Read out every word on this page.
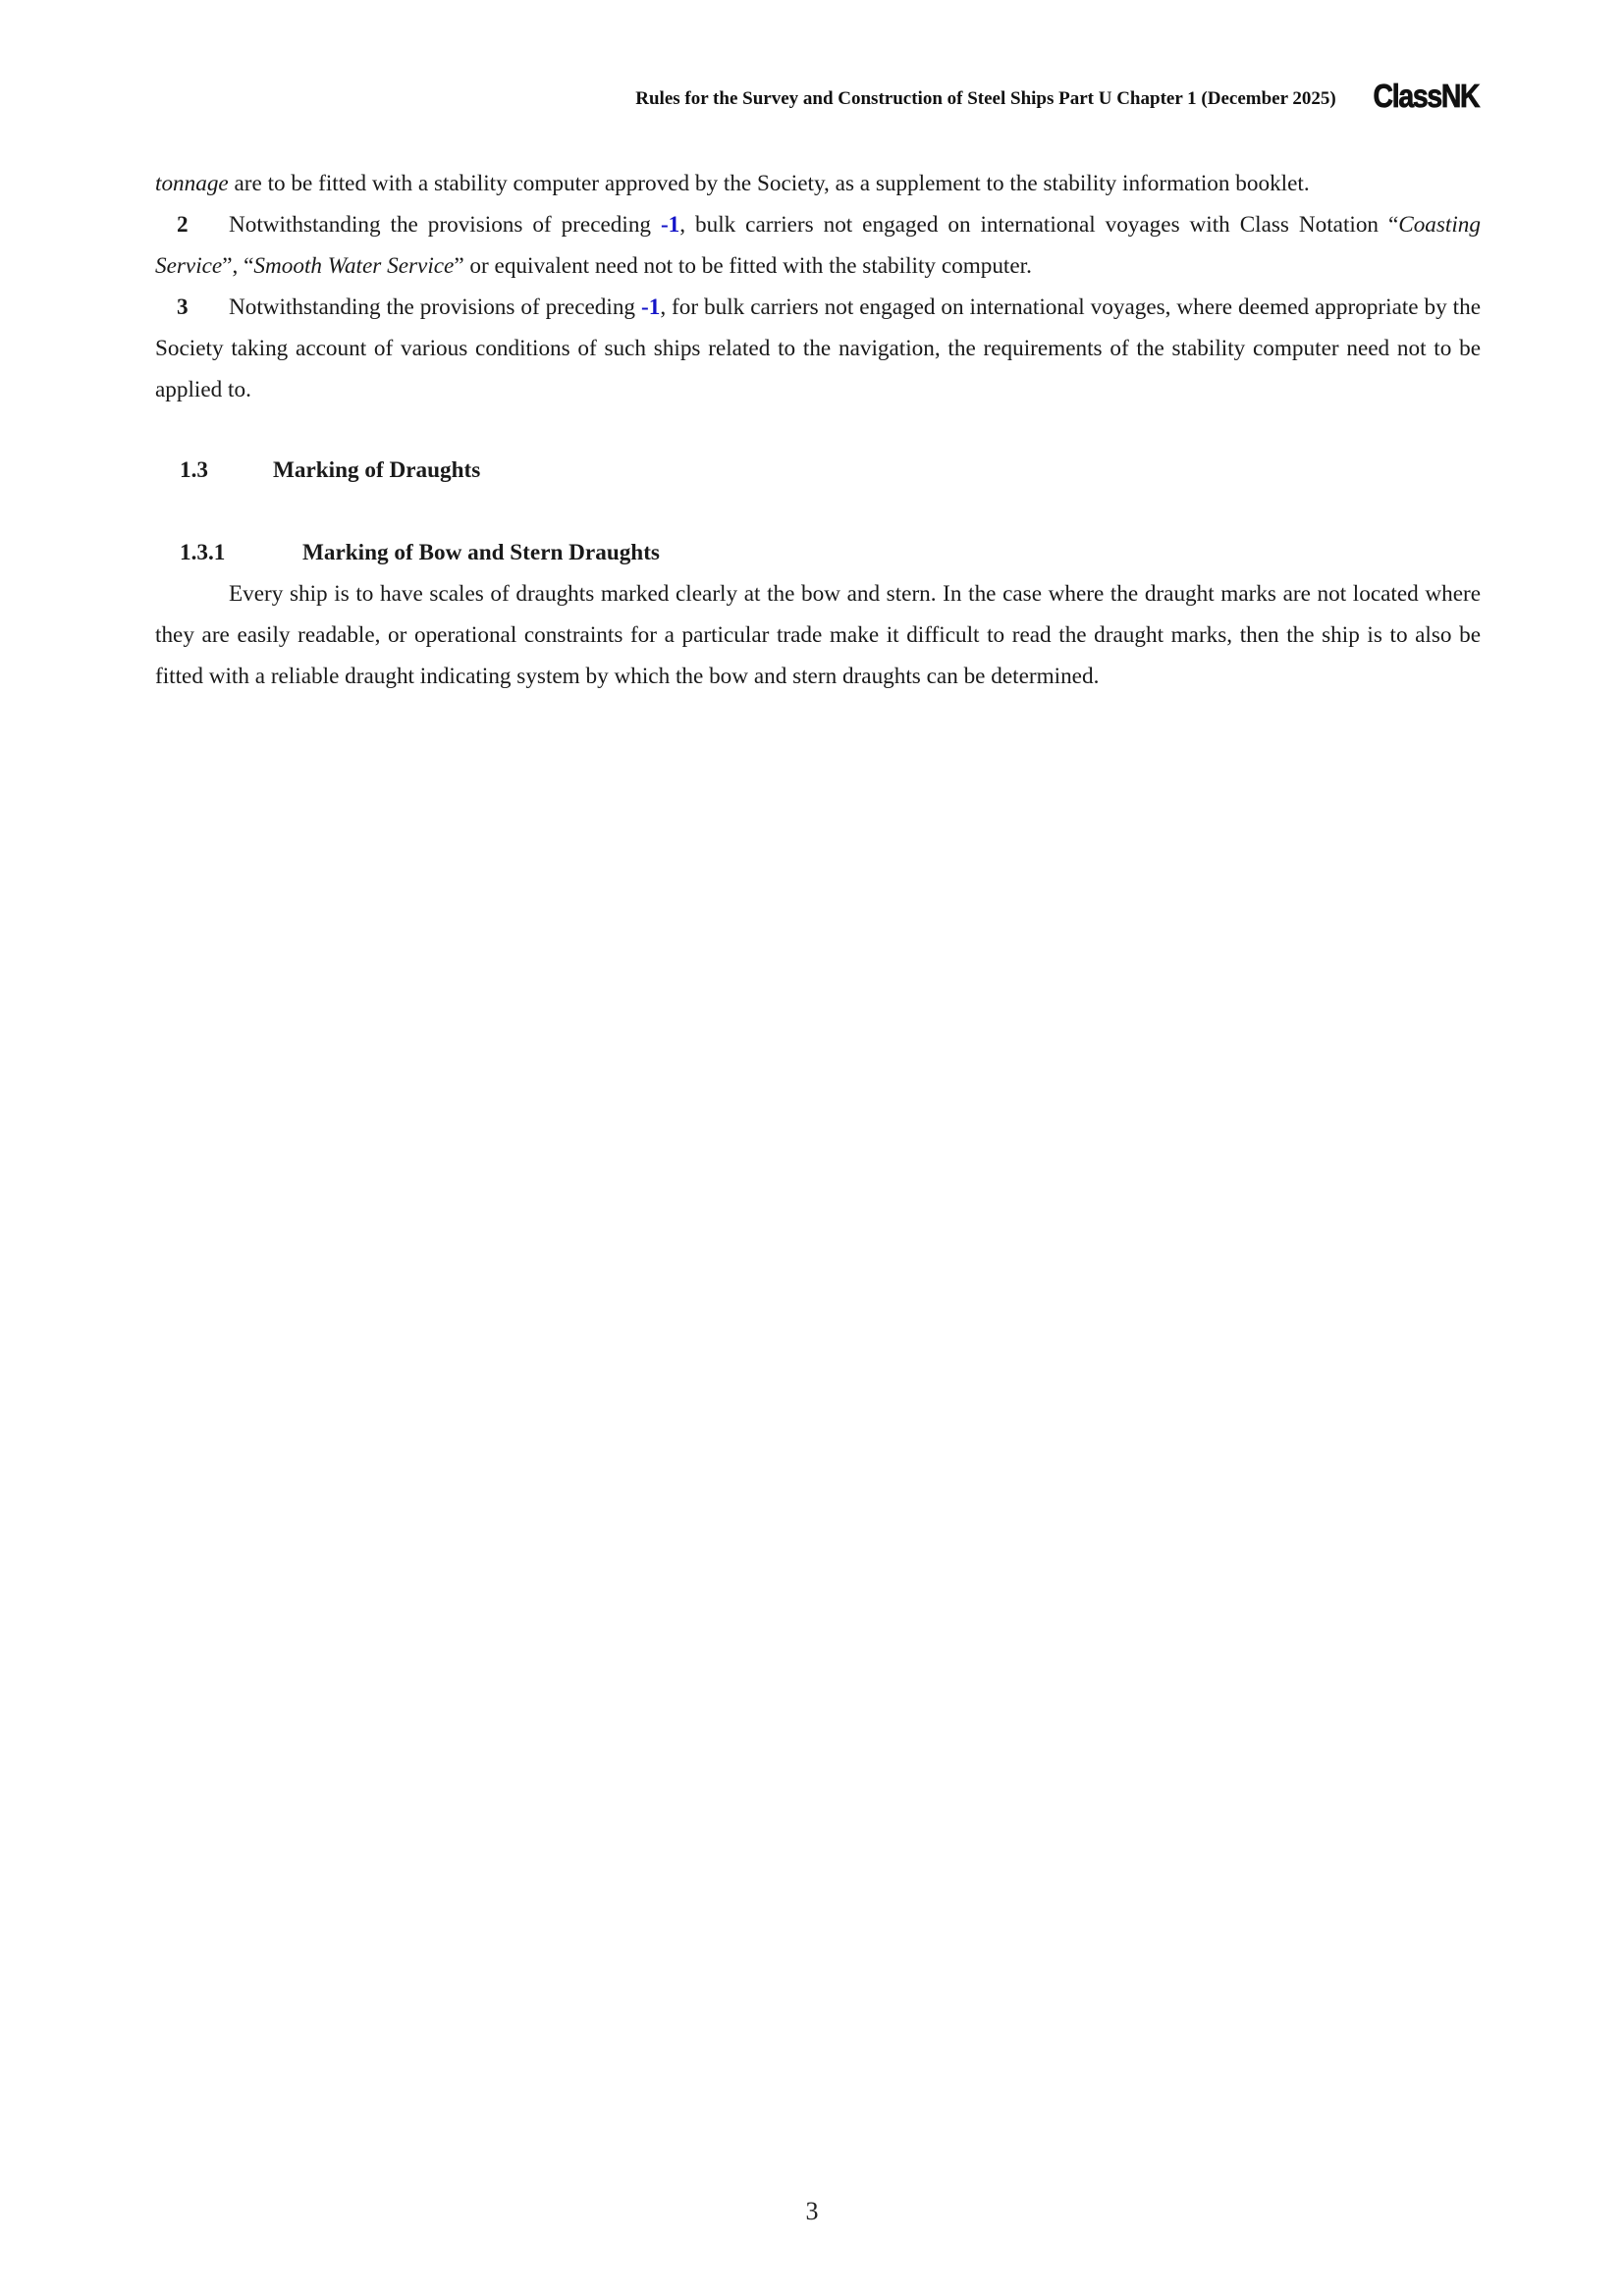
Rules for the Survey and Construction of Steel Ships Part U Chapter 1 (December 2025) ClassNK

tonnage are to be fitted with a stability computer approved by the Society, as a supplement to the stability information booklet.

2 Notwithstanding the provisions of preceding -1, bulk carriers not engaged on international voyages with Class Notation “Coasting Service”, “Smooth Water Service” or equivalent need not to be fitted with the stability computer.

3 Notwithstanding the provisions of preceding -1, for bulk carriers not engaged on international voyages, where deemed appropriate by the Society taking account of various conditions of such ships related to the navigation, the requirements of the stability computer need not to be applied to.

1.3	Marking of Draughts
1.3.1	Marking of Bow and Stern Draughts

Every ship is to have scales of draughts marked clearly at the bow and stern. In the case where the draught marks are not located where they are easily readable, or operational constraints for a particular trade make it difficult to read the draught marks, then the ship is to also be fitted with a reliable draught indicating system by which the bow and stern draughts can be determined.

3
